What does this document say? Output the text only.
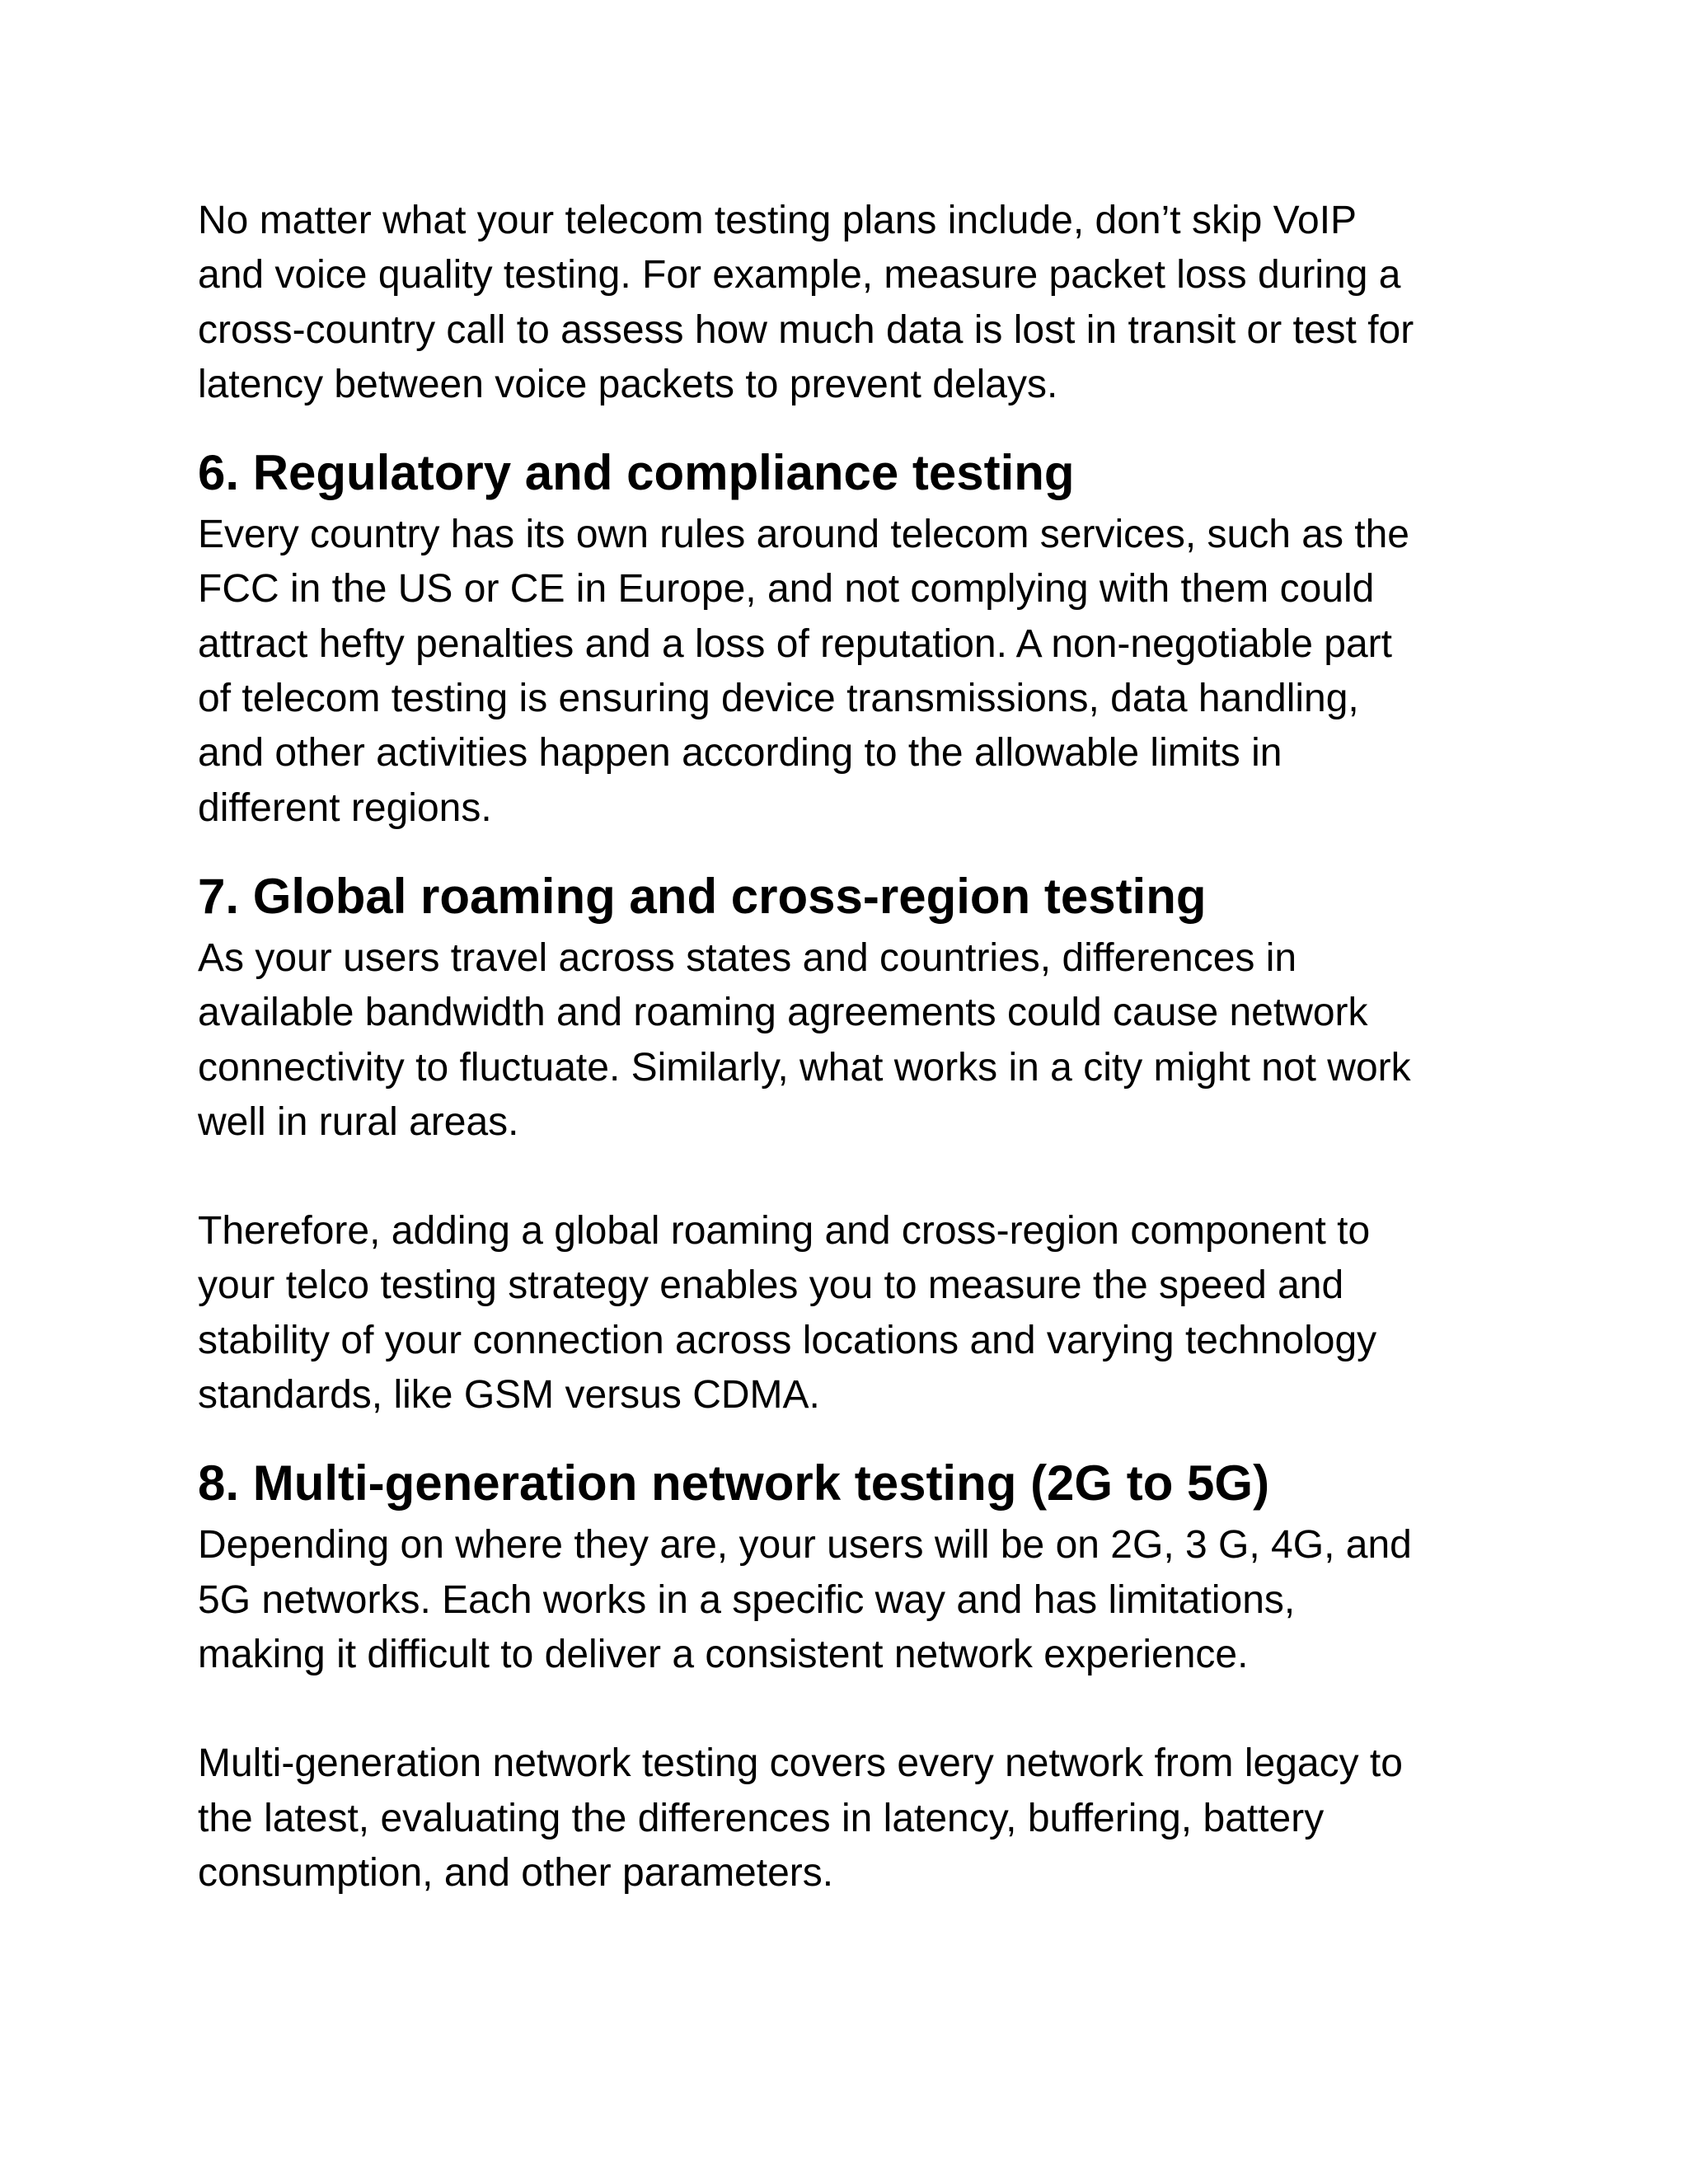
No matter what your telecom testing plans include, don’t skip VoIP
and voice quality testing. For example, measure packet loss during a
cross-country call to assess how much data is lost in transit or test for
latency between voice packets to prevent delays.

6. Regulatory and compliance testing

Every country has its own rules around telecom services, such as the
FCC in the US or CE in Europe, and not complying with them could
attract hefty penalties and a loss of reputation. A non-negotiable part
of telecom testing is ensuring device transmissions, data handling,
and other activities happen according to the allowable limits in
different regions.

7. Global roaming and cross-region testing

As your users travel across states and countries, differences in
available bandwidth and roaming agreements could cause network
connectivity to fluctuate. Similarly, what works in a city might not work
well in rural areas.

Therefore, adding a global roaming and cross-region component to
your telco testing strategy enables you to measure the speed and
stability of your connection across locations and varying technology
standards, like GSM versus CDMA.

8. Multi-generation network testing (2G to 5G)

Depending on where they are, your users will be on 2G, 3 G, 4G, and
5G networks. Each works in a specific way and has limitations,
making it difficult to deliver a consistent network experience.

Multi-generation network testing covers every network from legacy to
the latest, evaluating the differences in latency, buffering, battery
consumption, and other parameters.
